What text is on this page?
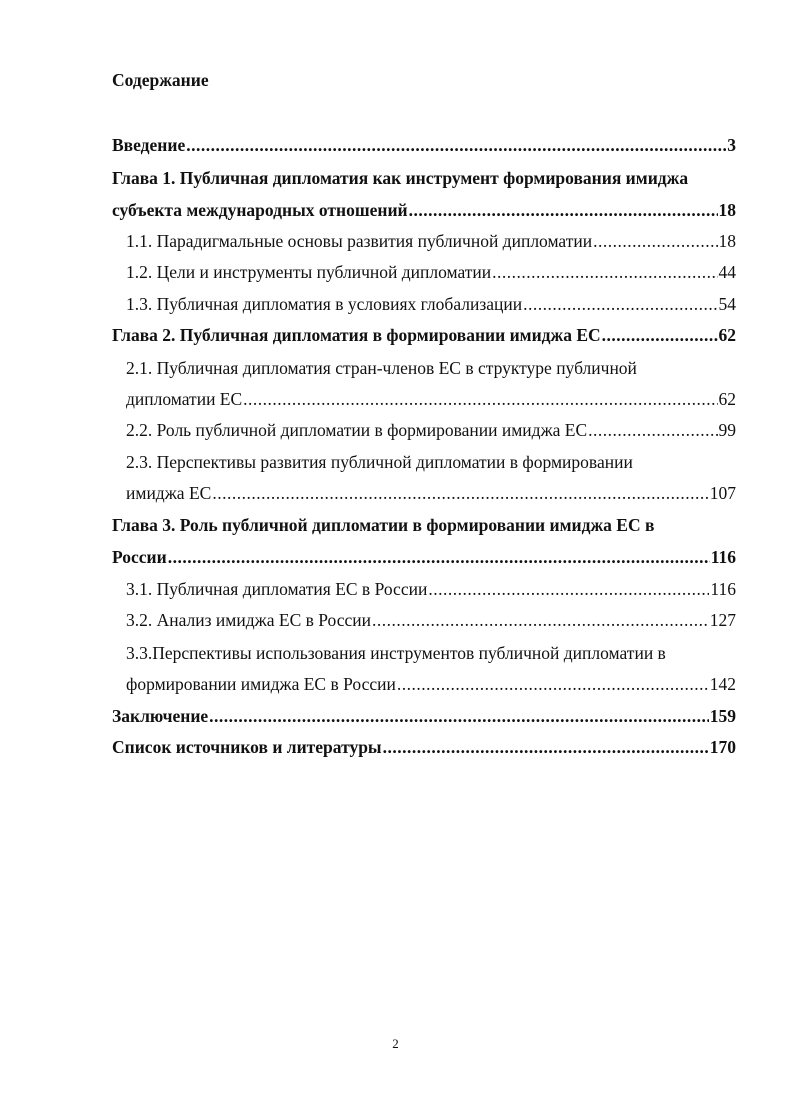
Содержание
Введение .....	3
Глава 1. Публичная дипломатия как инструмент формирования имиджа
субъекта международных отношений .....	18
1.1. Парадигмальные основы развития публичной дипломатии .....	18
1.2. Цели и инструменты публичной дипломатии .....	44
1.3. Публичная дипломатия в условиях глобализации .....	54
Глава 2. Публичная дипломатия в формировании имиджа ЕС .....	62
2.1. Публичная дипломатия стран-членов ЕС в структуре публичной
дипломатии ЕС .....	62
2.2. Роль публичной дипломатии в формировании имиджа ЕС .....	99
2.3. Перспективы развития публичной дипломатии в формировании
имиджа ЕС .....	107
Глава 3. Роль публичной дипломатии в формировании имиджа ЕС в
России .....	116
3.1. Публичная дипломатия ЕС в России .....	116
3.2. Анализ имиджа ЕС в России .....	127
3.3.Перспективы использования инструментов публичной дипломатии в
формировании имиджа ЕС в России .....	142
Заключение .....	159
Список источников и литературы .....	170
2
